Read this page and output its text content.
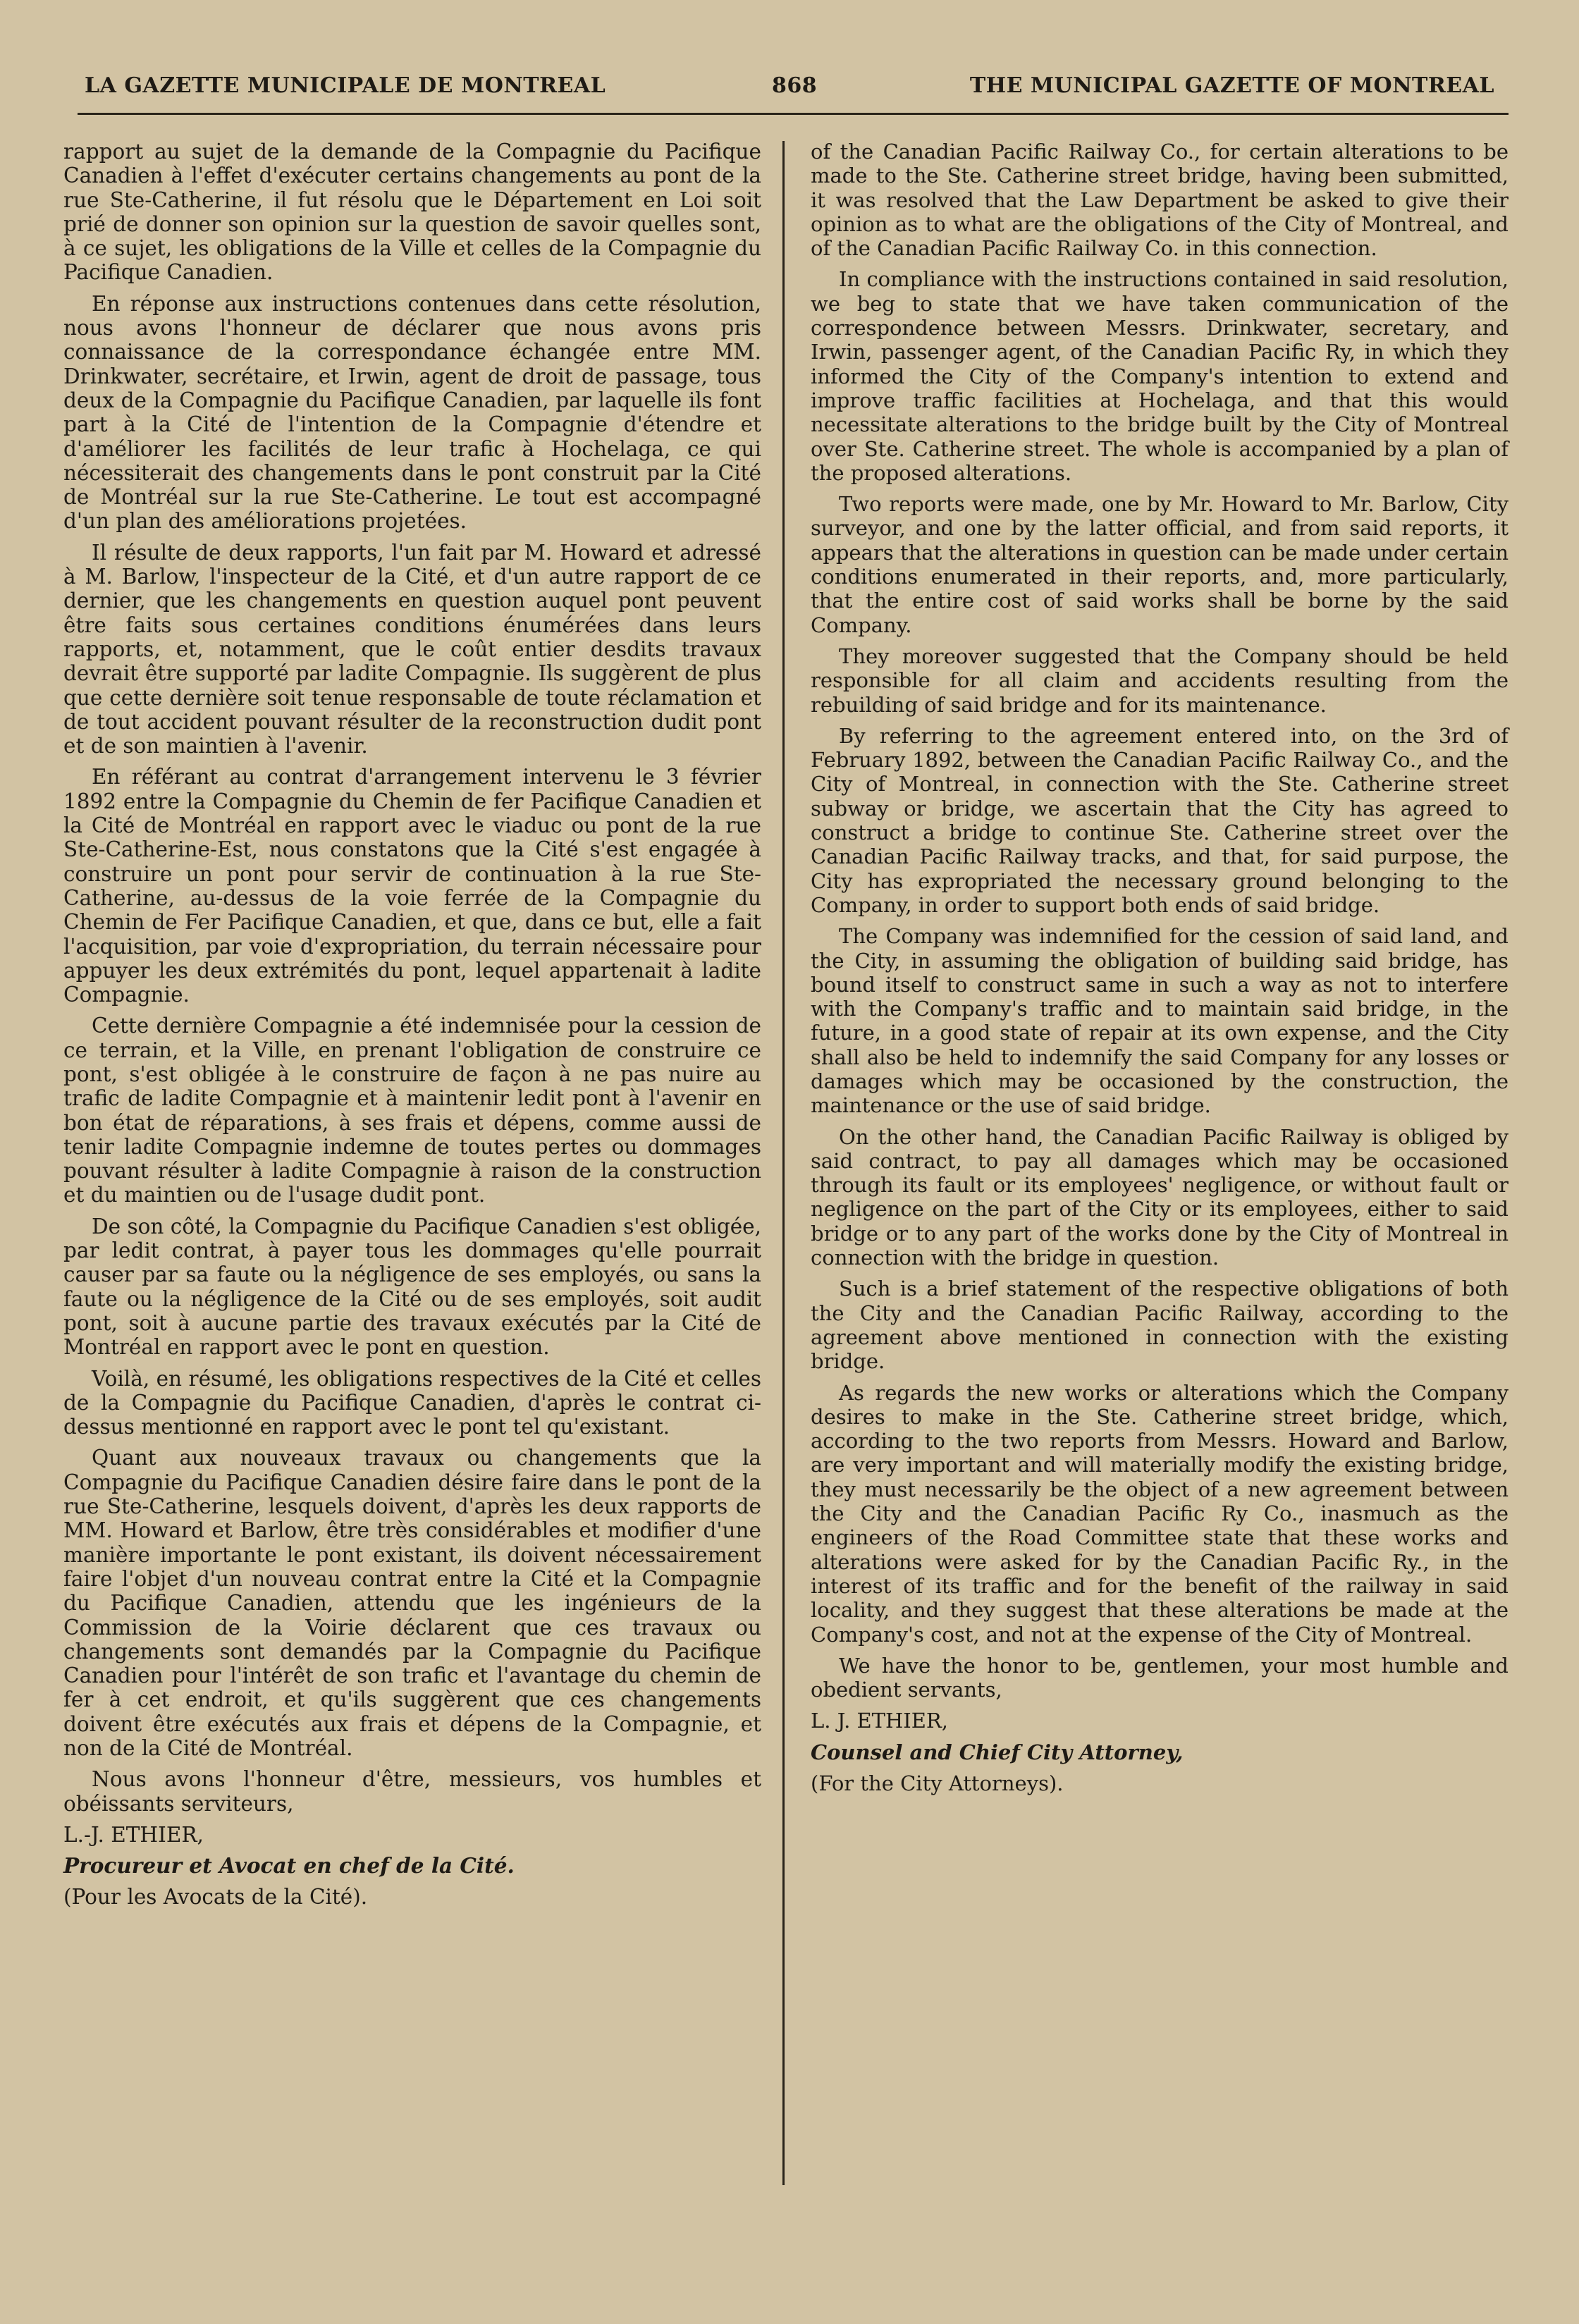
LA GAZETTE MUNICIPALE DE MONTREAL	868	THE MUNICIPAL GAZETTE OF MONTREAL

rapport au sujet de la demande de la Compagnie du Pacifique Canadien à l'effet d'exécuter certains changements au pont de la rue Ste-Catherine, il fut résolu que le Département en Loi soit prié de donner son opinion sur la question de savoir quelles sont, à ce sujet, les obligations de la Ville et celles de la Compagnie du Pacifique Canadien.

En réponse aux instructions contenues dans cette résolution, nous avons l'honneur de déclarer que nous avons pris connaissance de la correspondance échangée entre MM. Drinkwater, secrétaire, et Irwin, agent de droit de passage, tous deux de la Compagnie du Pacifique Canadien, par laquelle ils font part à la Cité de l'intention de la Compagnie d'étendre et d'améliorer les facilités de leur trafic à Hochelaga, ce qui nécessiterait des changements dans le pont construit par la Cité de Montréal sur la rue Ste-Catherine. Le tout est accompagné d'un plan des améliorations projetées.

Il résulte de deux rapports, l'un fait par M. Howard et adressé à M. Barlow, l'inspecteur de la Cité, et d'un autre rapport de ce dernier, que les changements en question auquel pont peuvent être faits sous certaines conditions énumérées dans leurs rapports, et, notamment, que le coût entier desdits travaux devrait être supporté par ladite Compagnie. Ils suggèrent de plus que cette dernière soit tenue responsable de toute réclamation et de tout accident pouvant résulter de la reconstruction dudit pont et de son maintien à l'avenir.

En référant au contrat d'arrangement intervenu le 3 février 1892 entre la Compagnie du Chemin de fer Pacifique Canadien et la Cité de Montréal en rapport avec le viaduc ou pont de la rue Ste-Catherine-Est, nous constatons que la Cité s'est engagée à construire un pont pour servir de continuation à la rue Ste-Catherine, au-dessus de la voie ferrée de la Compagnie du Chemin de Fer Pacifique Canadien, et que, dans ce but, elle a fait l'acquisition, par voie d'expropriation, du terrain nécessaire pour appuyer les deux extrémités du pont, lequel appartenait à ladite Compagnie.

Cette dernière Compagnie a été indemnisée pour la cession de ce terrain, et la Ville, en prenant l'obligation de construire ce pont, s'est obligée à le construire de façon à ne pas nuire au trafic de ladite Compagnie et à maintenir ledit pont à l'avenir en bon état de réparations, à ses frais et dépens, comme aussi de tenir ladite Compagnie indemne de toutes pertes ou dommages pouvant résulter à ladite Compagnie à raison de la construction et du maintien ou de l'usage dudit pont.

De son côté, la Compagnie du Pacifique Canadien s'est obligée, par ledit contrat, à payer tous les dommages qu'elle pourrait causer par sa faute ou la négligence de ses employés, ou sans la faute ou la négligence de la Cité ou de ses employés, soit audit pont, soit à aucune partie des travaux exécutés par la Cité de Montréal en rapport avec le pont en question.

Voilà, en résumé, les obligations respectives de la Cité et celles de la Compagnie du Pacifique Canadien, d'après le contrat ci-dessus mentionné en rapport avec le pont tel qu'existant.

Quant aux nouveaux travaux ou changements que la Compagnie du Pacifique Canadien désire faire dans le pont de la rue Ste-Catherine, lesquels doivent, d'après les deux rapports de MM. Howard et Barlow, être très considérables et modifier d'une manière importante le pont existant, ils doivent nécessairement faire l'objet d'un nouveau contrat entre la Cité et la Compagnie du Pacifique Canadien, attendu que les ingénieurs de la Commission de la Voirie déclarent que ces travaux ou changements sont demandés par la Compagnie du Pacifique Canadien pour l'intérêt de son trafic et l'avantage du chemin de fer à cet endroit, et qu'ils suggèrent que ces changements doivent être exécutés aux frais et dépens de la Compagnie, et non de la Cité de Montréal.

Nous avons l'honneur d'être, messieurs, vos humbles et obéissants serviteurs,

L.-J. ETHIER,

Procureur et Avocat en chef de la Cité.

(Pour les Avocats de la Cité).

of the Canadian Pacific Railway Co., for certain alterations to be made to the Ste. Catherine street bridge, having been submitted, it was resolved that the Law Department be asked to give their opinion as to what are the obligations of the City of Montreal, and of the Canadian Pacific Railway Co. in this connection.

In compliance with the instructions contained in said resolution, we beg to state that we have taken communication of the correspondence between Messrs. Drinkwater, secretary, and Irwin, passenger agent, of the Canadian Pacific Ry, in which they informed the City of the Company's intention to extend and improve traffic facilities at Hochelaga, and that this would necessitate alterations to the bridge built by the City of Montreal over Ste. Catherine street. The whole is accompanied by a plan of the proposed alterations.

Two reports were made, one by Mr. Howard to Mr. Barlow, City surveyor, and one by the latter official, and from said reports, it appears that the alterations in question can be made under certain conditions enumerated in their reports, and, more particularly, that the entire cost of said works shall be borne by the said Company.

They moreover suggested that the Company should be held responsible for all claim and accidents resulting from the rebuilding of said bridge and for its maintenance.

By referring to the agreement entered into, on the 3rd of February 1892, between the Canadian Pacific Railway Co., and the City of Montreal, in connection with the Ste. Catherine street subway or bridge, we ascertain that the City has agreed to construct a bridge to continue Ste. Catherine street over the Canadian Pacific Railway tracks, and that, for said purpose, the City has expropriated the necessary ground belonging to the Company, in order to support both ends of said bridge.

The Company was indemnified for the cession of said land, and the City, in assuming the obligation of building said bridge, has bound itself to construct same in such a way as not to interfere with the Company's traffic and to maintain said bridge, in the future, in a good state of repair at its own expense, and the City shall also be held to indemnify the said Company for any losses or damages which may be occasioned by the construction, the maintenance or the use of said bridge.

On the other hand, the Canadian Pacific Railway is obliged by said contract, to pay all damages which may be occasioned through its fault or its employees' negligence, or without fault or negligence on the part of the City or its employees, either to said bridge or to any part of the works done by the City of Montreal in connection with the bridge in question.

Such is a brief statement of the respective obligations of both the City and the Canadian Pacific Railway, according to the agreement above mentioned in connection with the existing bridge.

As regards the new works or alterations which the Company desires to make in the Ste. Catherine street bridge, which, according to the two reports from Messrs. Howard and Barlow, are very important and will materially modify the existing bridge, they must necessarily be the object of a new agreement between the City and the Canadian Pacific Ry Co., inasmuch as the engineers of the Road Committee state that these works and alterations were asked for by the Canadian Pacific Ry., in the interest of its traffic and for the benefit of the railway in said locality, and they suggest that these alterations be made at the Company's cost, and not at the expense of the City of Montreal.

We have the honor to be, gentlemen, your most humble and obedient servants,

L. J. ETHIER,

Counsel and Chief City Attorney,

(For the City Attorneys).
